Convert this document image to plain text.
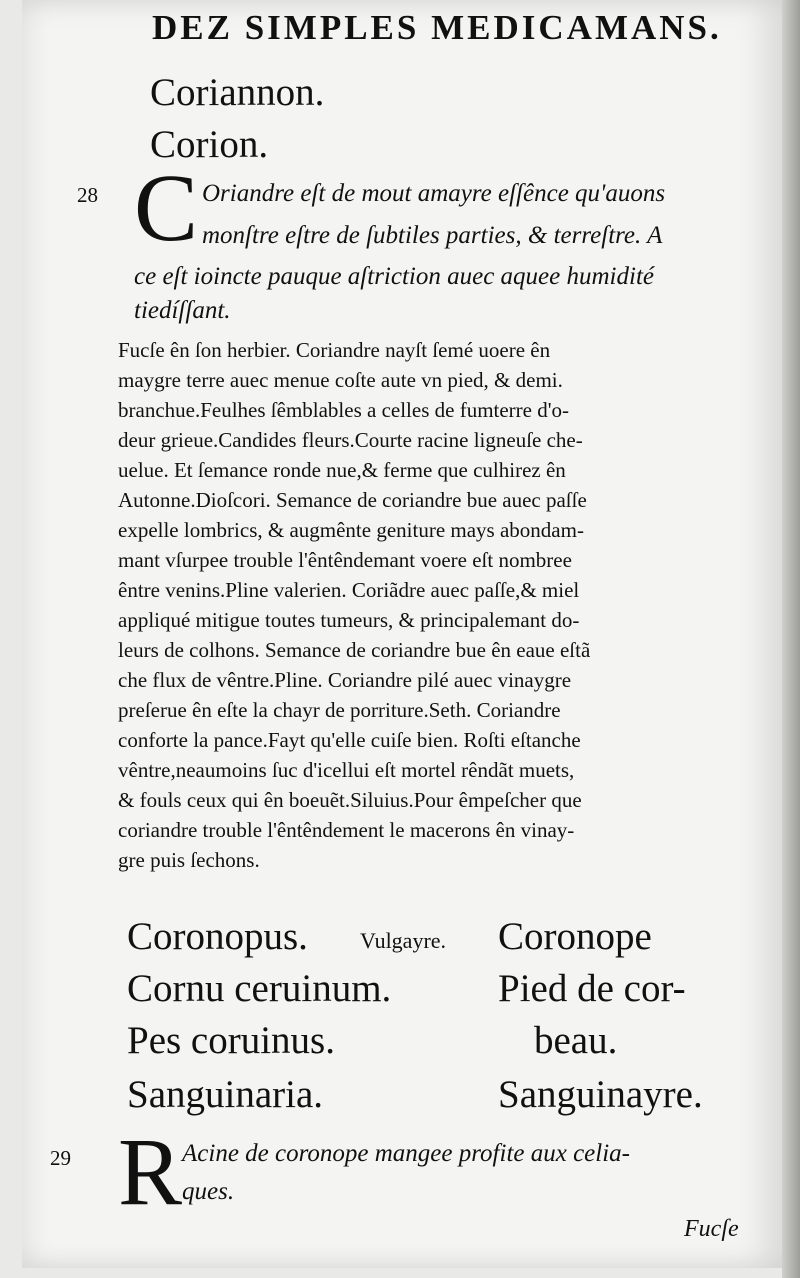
DEZ SIMPLES MEDICAMANS.
Coriannon.
Corion.
28 C Oriandre eſt de mout amayre eſſênce qu'auons
monſtre eſtre de ſubtiles parties, & terreſtre. A
ce eſt ioincte pauque aſtriction auec aquee humidité
tiedíſſant.
Fucſe ên ſon herbier. Coriandre nayſt ſemé uoere ên
maygre terre auec menue coſte aute vn pied, & demi.
branchue.Feulhes ſêmblables a celles de fumterre d'o-
deur grieue.Candides fleurs.Courte racine ligneuſe che-
uelue. Et ſemance ronde nue,& ferme que culhirez ên
Autonne.Dioſcori. Semance de coriandre bue auec paſſe
expelle lombrics, & augmênte geniture mays abondam-
mant vſurpee trouble l'êntêndemant voere eſt nombree
êntre venins.Pline valerien. Coriãdre auec paſſe,& miel
appliqué mitigue toutes tumeurs, & principalemant do-
leurs de colhons. Semance de coriandre bue ên eaue eſtã
che flux de vêntre.Pline. Coriandre pilé auec vinaygre
preſerue ên eſte la chayr de porriture.Seth. Coriandre
conforte la pance.Fayt qu'elle cuiſe bien. Roſti eſtanche
vêntre,neaumoins ſuc d'icellui eſt mortel rêndãt muets,
& fouls ceux qui ên boeuẽt.Siluius.Pour êmpeſcher que
coriandre trouble l'êntêndement le macerons ên vinay-
gre puis ſechons.
Coronopus. Vulgayre. Coronope
Cornu ceruinum.	Pied de cor-
Pes coruinus.	beau.
Sanguinaria.	Sanguinayre.
29 R Acine de coronope mangee profite aux celia-
ques.
Fucſe
